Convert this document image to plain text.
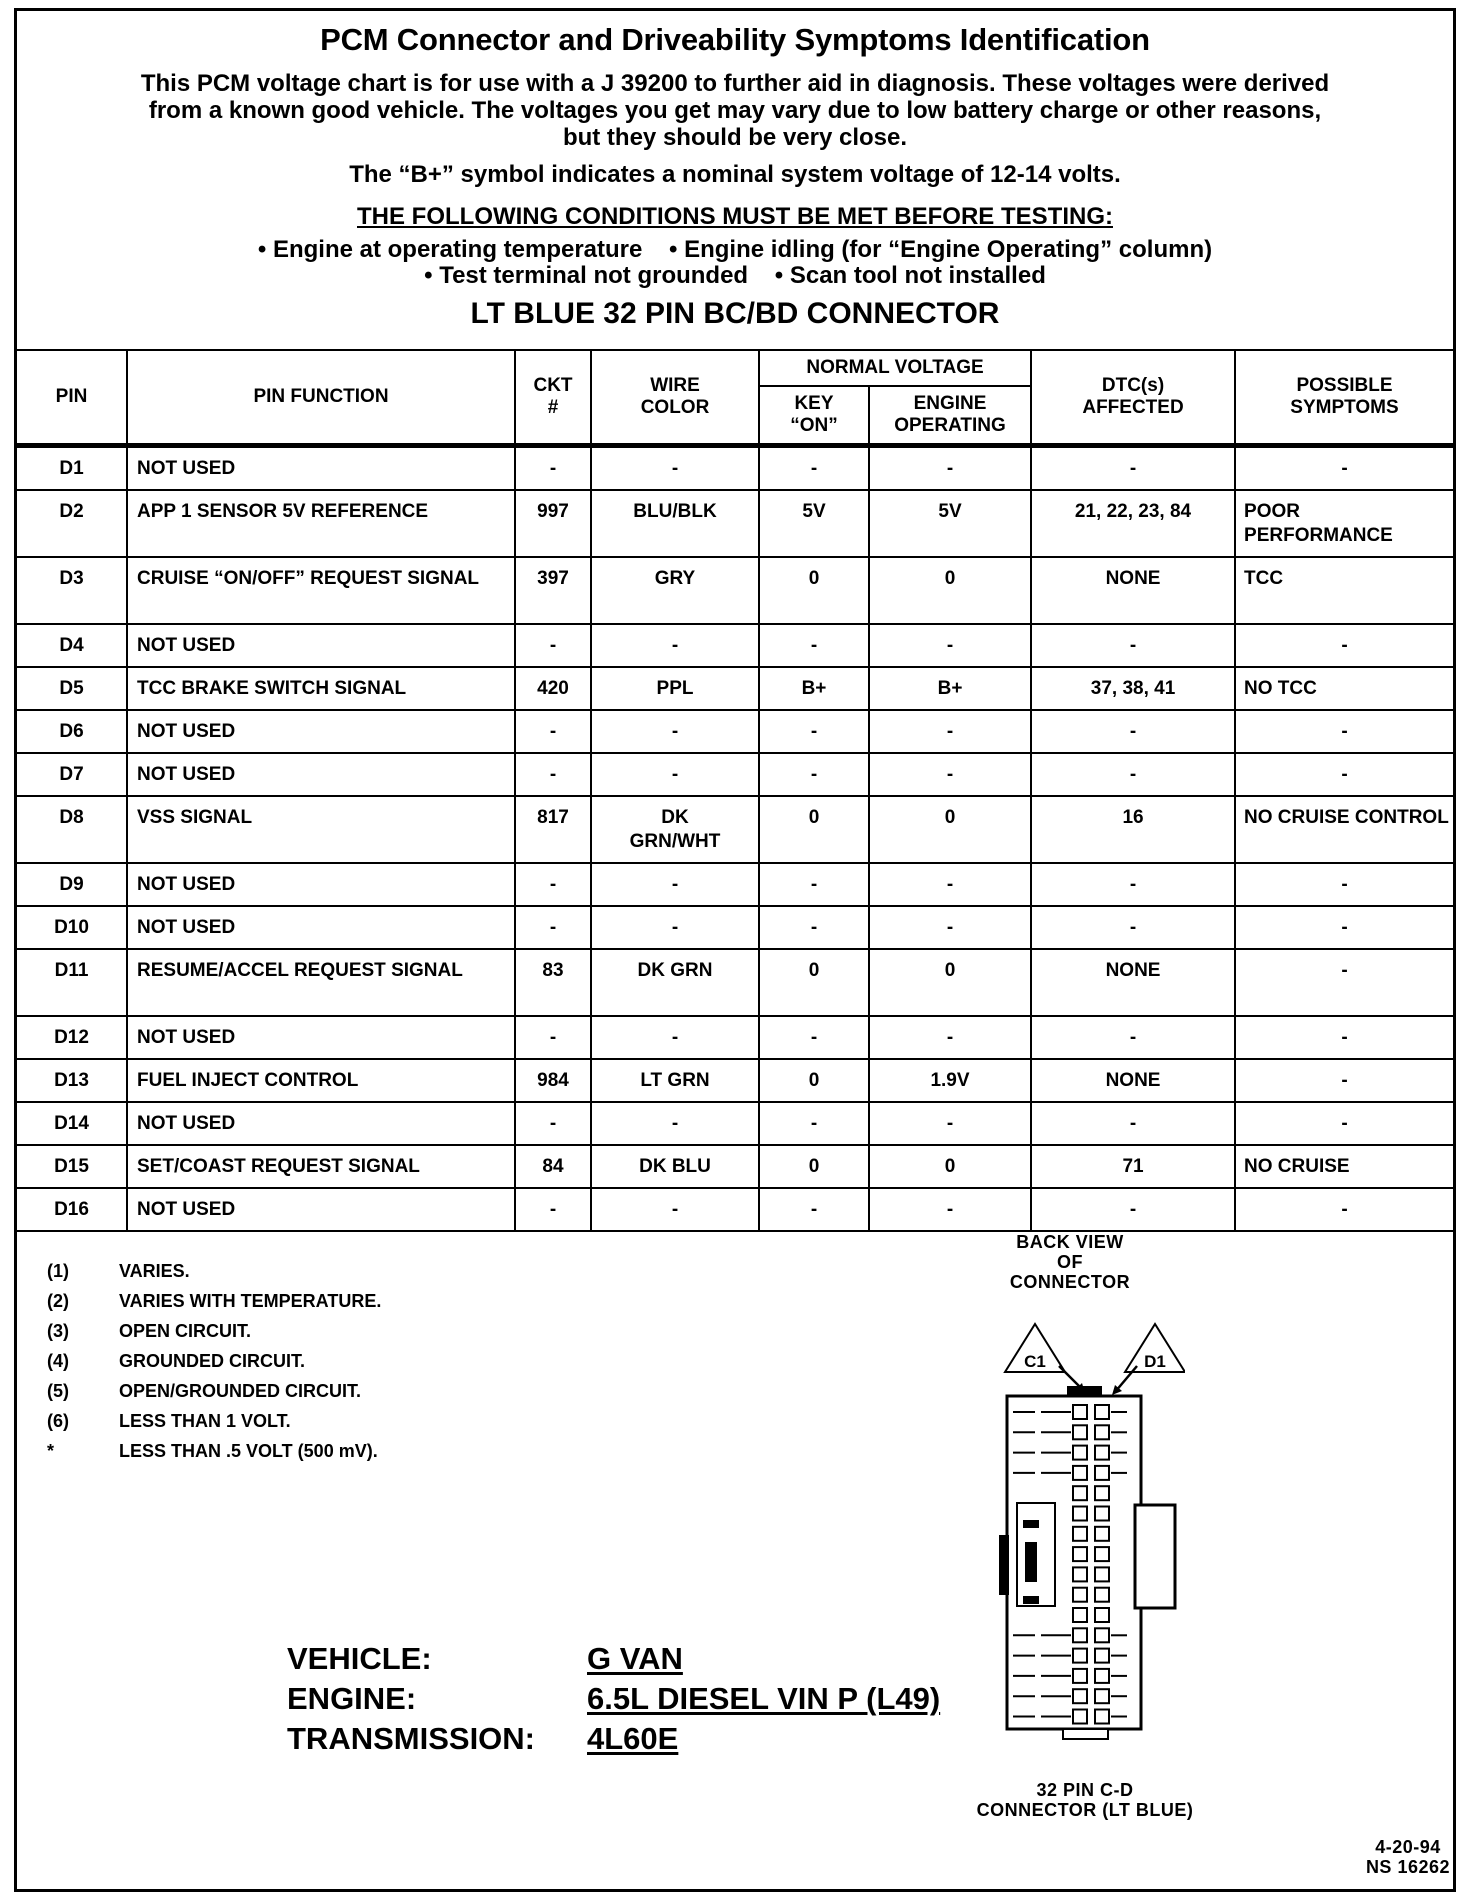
PCM Connector and Driveability Symptoms Identification
This PCM voltage chart is for use with a J 39200 to further aid in diagnosis. These voltages were derived
from a known good vehicle. The voltages you get may vary due to low battery charge or other reasons,
but they should be very close.
The “B+” symbol indicates a nominal system voltage of 12-14 volts.
THE FOLLOWING CONDITIONS MUST BE MET BEFORE TESTING:
• Engine at operating temperature • Engine idling (for “Engine Operating” column)
• Test terminal not grounded • Scan tool not installed
LT BLUE 32 PIN BC/BD CONNECTOR
PIN	PIN FUNCTION	CKT #	WIRE COLOR	NORMAL VOLTAGE		DTC(s) AFFECTED	POSSIBLE SYMPTOMS
				KEY “ON”	ENGINE OPERATING		
D1	NOT USED	-	-	-	-	-	-
D2	APP 1 SENSOR 5V REFERENCE	997	BLU/BLK	5V	5V	21, 22, 23, 84	POOR PERFORMANCE
D3	CRUISE “ON/OFF” REQUEST SIGNAL	397	GRY	0	0	NONE	TCC
D4	NOT USED	-	-	-	-	-	-
D5	TCC BRAKE SWITCH SIGNAL	420	PPL	B+	B+	37, 38, 41	NO TCC
D6	NOT USED	-	-	-	-	-	-
D7	NOT USED	-	-	-	-	-	-
D8	VSS SIGNAL	817	DK GRN/WHT	0	0	16	NO CRUISE CONTROL
D9	NOT USED	-	-	-	-	-	-
D10	NOT USED	-	-	-	-	-	-
D11	RESUME/ACCEL REQUEST SIGNAL	83	DK GRN	0	0	NONE	-
D12	NOT USED	-	-	-	-	-	-
D13	FUEL INJECT CONTROL	984	LT GRN	0	1.9V	NONE	-
D14	NOT USED	-	-	-	-	-	-
D15	SET/COAST REQUEST SIGNAL	84	DK BLU	0	0	71	NO CRUISE
D16	NOT USED	-	-	-	-	-	-
(1)	VARIES.
(2)	VARIES WITH TEMPERATURE.
(3)	OPEN CIRCUIT.
(4)	GROUNDED CIRCUIT.
(5)	OPEN/GROUNDED CIRCUIT.
(6)	LESS THAN 1 VOLT.
*	LESS THAN .5 VOLT (500 mV).
VEHICLE:	G VAN
ENGINE:	6.5L DIESEL VIN P (L49)
TRANSMISSION:	4L60E
BACK VIEW
OF
CONNECTOR
C1	D1
32 PIN C-D
CONNECTOR (LT BLUE)
4-20-94
NS 16262
